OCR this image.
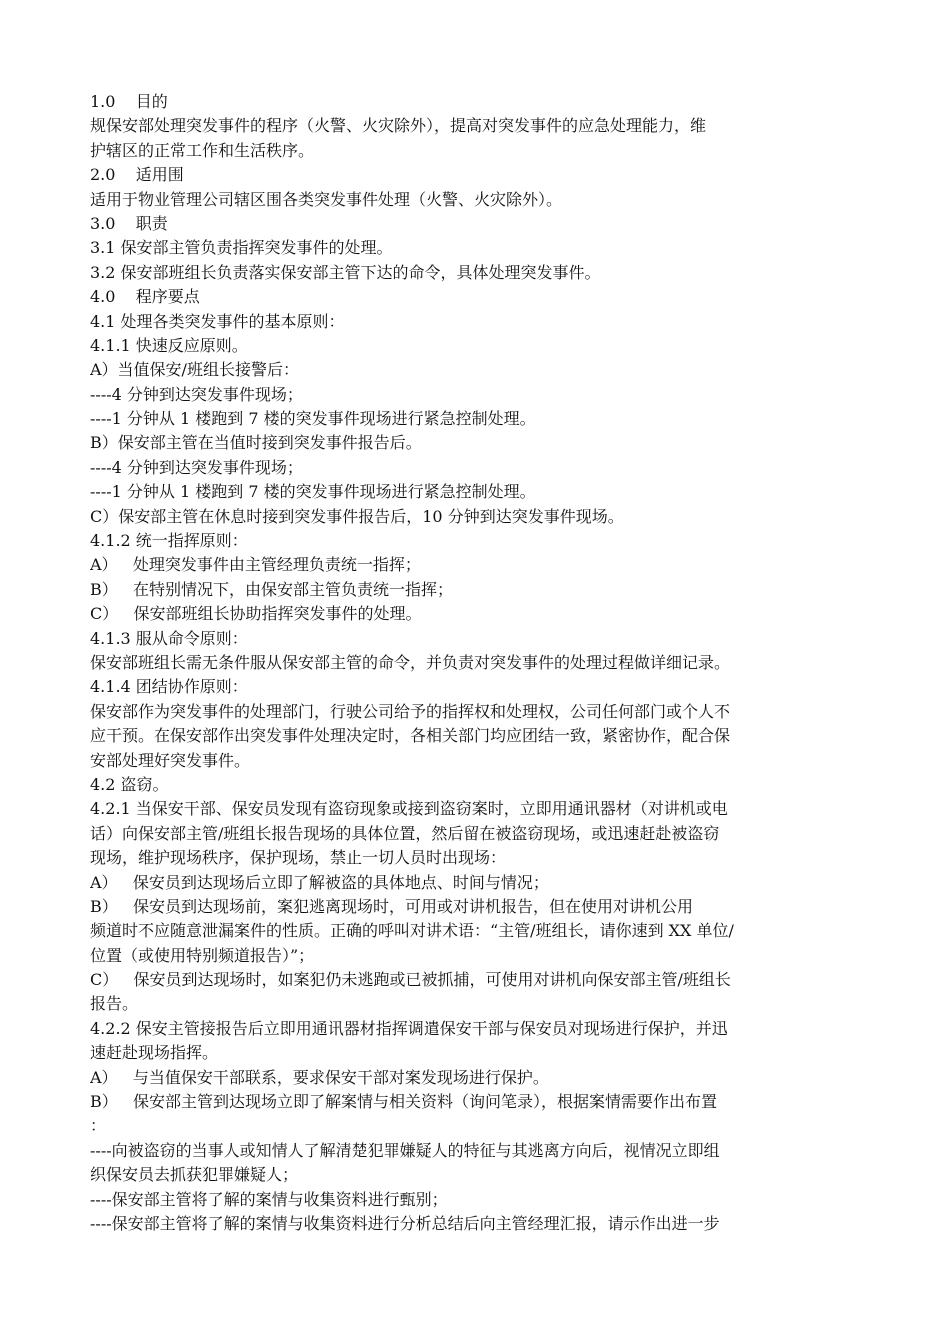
1.0    目的
规保安部处理突发事件的程序（火警、火灾除外），提高对突发事件的应急处理能力，维
护辖区的正常工作和生活秩序。
2.0    适用围
适用于物业管理公司辖区围各类突发事件处理（火警、火灾除外）。
3.0    职责
3.1 保安部主管负责指挥突发事件的处理。
3.2 保安部班组长负责落实保安部主管下达的命令，具体处理突发事件。
4.0    程序要点
4.1 处理各类突发事件的基本原则：
4.1.1 快速反应原则。
A）当值保安/班组长接警后：
----4 分钟到达突发事件现场；
----1 分钟从 1 楼跑到 7 楼的突发事件现场进行紧急控制处理。
B）保安部主管在当值时接到突发事件报告后。
----4 分钟到达突发事件现场；
----1 分钟从 1 楼跑到 7 楼的突发事件现场进行紧急控制处理。
C）保安部主管在休息时接到突发事件报告后，10 分钟到达突发事件现场。
4.1.2 统一指挥原则：
A）   处理突发事件由主管经理负责统一指挥；
B）   在特别情况下，由保安部主管负责统一指挥；
C）   保安部班组长协助指挥突发事件的处理。
4.1.3 服从命令原则：
保安部班组长需无条件服从保安部主管的命令，并负责对突发事件的处理过程做详细记录。
4.1.4 团结协作原则：
保安部作为突发事件的处理部门，行驶公司给予的指挥权和处理权，公司任何部门或个人不
应干预。在保安部作出突发事件处理决定时，各相关部门均应团结一致，紧密协作，配合保
安部处理好突发事件。
4.2 盗窃。
4.2.1 当保安干部、保安员发现有盗窃现象或接到盗窃案时，立即用通讯器材（对讲机或电
话）向保安部主管/班组长报告现场的具体位置，然后留在被盗窃现场，或迅速赶赴被盗窃
现场，维护现场秩序，保护现场，禁止一切人员时出现场：
A）   保安员到达现场后立即了解被盗的具体地点、时间与情况；
B）   保安员到达现场前，案犯逃离现场时，可用或对讲机报告，但在使用对讲机公用
频道时不应随意泄漏案件的性质。正确的呼叫对讲术语：“主管/班组长，请你速到 XX 单位/
位置（或使用特别频道报告）”；
C）   保安员到达现场时，如案犯仍未逃跑或已被抓捕，可使用对讲机向保安部主管/班组长
报告。
4.2.2 保安主管接报告后立即用通讯器材指挥调遣保安干部与保安员对现场进行保护，并迅
速赶赴现场指挥。
A）   与当值保安干部联系，要求保安干部对案发现场进行保护。
B）   保安部主管到达现场立即了解案情与相关资料（询问笔录），根据案情需要作出布置
：
----向被盗窃的当事人或知情人了解清楚犯罪嫌疑人的特征与其逃离方向后，视情况立即组
织保安员去抓获犯罪嫌疑人；
----保安部主管将了解的案情与收集资料进行甄别；
----保安部主管将了解的案情与收集资料进行分析总结后向主管经理汇报，请示作出进一步
